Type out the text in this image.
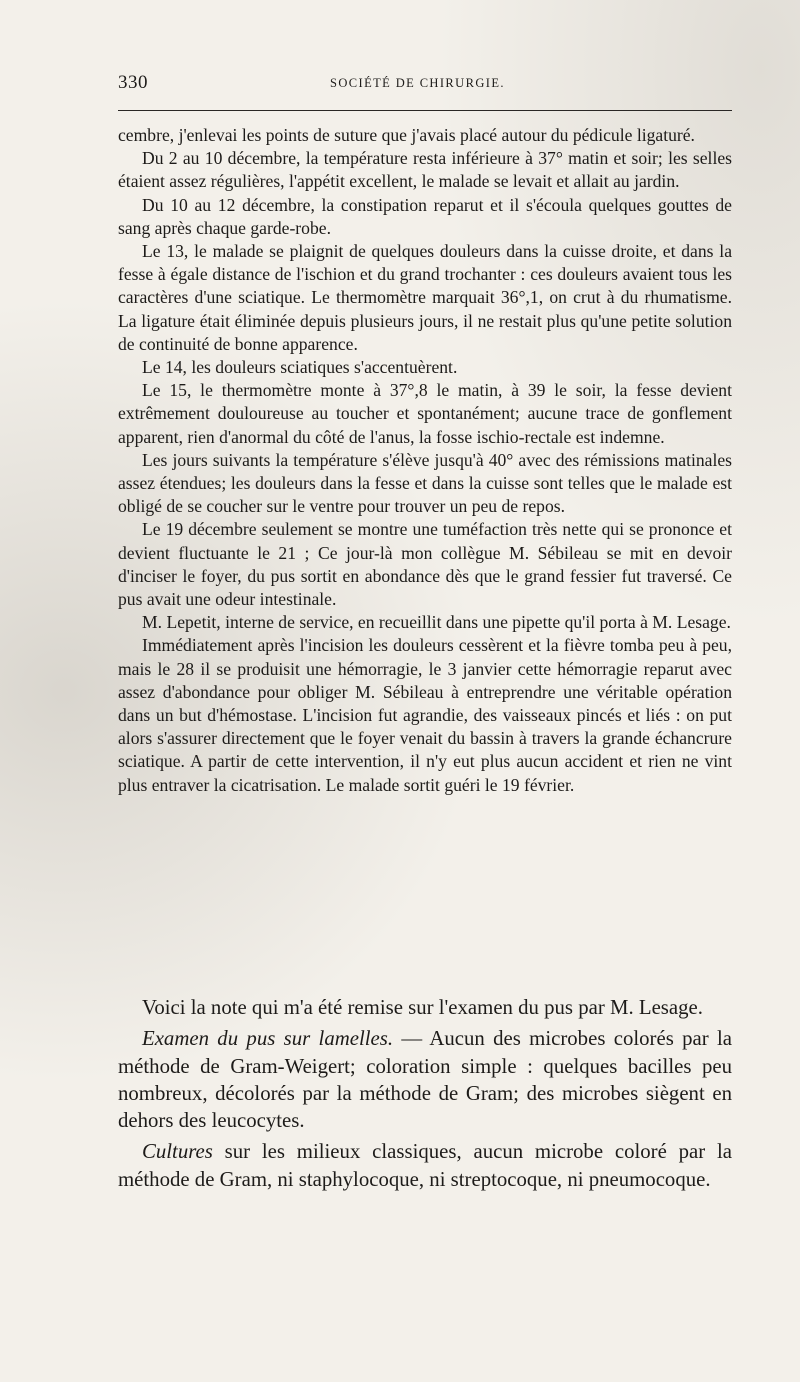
330	SOCIÉTÉ DE CHIRURGIE.

cembre, j'enlevai les points de suture que j'avais placé autour du pédicule ligaturé.

Du 2 au 10 décembre, la température resta inférieure à 37° matin et soir; les selles étaient assez régulières, l'appétit excellent, le malade se levait et allait au jardin.

Du 10 au 12 décembre, la constipation reparut et il s'écoula quelques gouttes de sang après chaque garde-robe.

Le 13, le malade se plaignit de quelques douleurs dans la cuisse droite, et dans la fesse à égale distance de l'ischion et du grand trochanter : ces douleurs avaient tous les caractères d'une sciatique. Le thermomètre marquait 36°,1, on crut à du rhumatisme. La ligature était éliminée depuis plusieurs jours, il ne restait plus qu'une petite solution de continuité de bonne apparence.

Le 14, les douleurs sciatiques s'accentuèrent.

Le 15, le thermomètre monte à 37°,8 le matin, à 39 le soir, la fesse devient extrêmement douloureuse au toucher et spontanément; aucune trace de gonflement apparent, rien d'anormal du côté de l'anus, la fosse ischio-rectale est indemne.

Les jours suivants la température s'élève jusqu'à 40° avec des rémissions matinales assez étendues; les douleurs dans la fesse et dans la cuisse sont telles que le malade est obligé de se coucher sur le ventre pour trouver un peu de repos.

Le 19 décembre seulement se montre une tuméfaction très nette qui se prononce et devient fluctuante le 21 ; Ce jour-là mon collègue M. Sébileau se mit en devoir d'inciser le foyer, du pus sortit en abondance dès que le grand fessier fut traversé. Ce pus avait une odeur intestinale.

M. Lepetit, interne de service, en recueillit dans une pipette qu'il porta à M. Lesage.

Immédiatement après l'incision les douleurs cessèrent et la fièvre tomba peu à peu, mais le 28 il se produisit une hémorragie, le 3 janvier cette hémorragie reparut avec assez d'abondance pour obliger M. Sébileau à entreprendre une véritable opération dans un but d'hémostase. L'incision fut agrandie, des vaisseaux pincés et liés : on put alors s'assurer directement que le foyer venait du bassin à travers la grande échancrure sciatique. A partir de cette intervention, il n'y eut plus aucun accident et rien ne vint plus entraver la cicatrisation. Le malade sortit guéri le 19 février.

Voici la note qui m'a été remise sur l'examen du pus par M. Lesage.

Examen du pus sur lamelles. — Aucun des microbes colorés par la méthode de Gram-Weigert; coloration simple : quelques bacilles peu nombreux, décolorés par la méthode de Gram; des microbes siègent en dehors des leucocytes.

Cultures sur les milieux classiques, aucun microbe coloré par la méthode de Gram, ni staphylocoque, ni streptocoque, ni pneumocoque.
